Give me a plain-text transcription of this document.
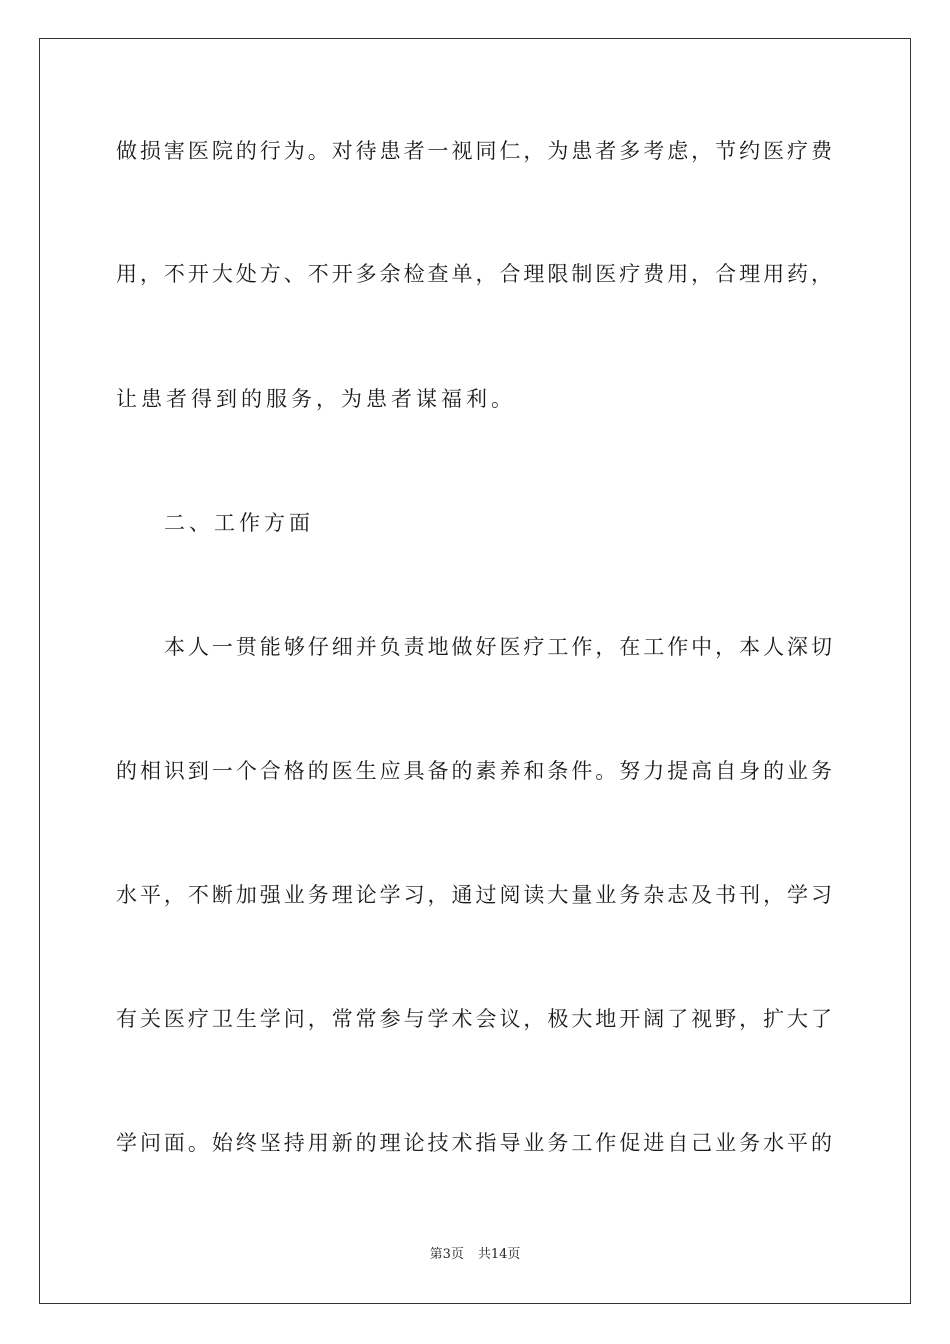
做损害医院的行为。对待患者一视同仁，为患者多考虑，节约医疗费
用，不开大处方、不开多余检查单，合理限制医疗费用，合理用药，
让患者得到的服务，为患者谋福利。
二、工作方面
本人一贯能够仔细并负责地做好医疗工作，在工作中，本人深切
的相识到一个合格的医生应具备的素养和条件。努力提高自身的业务
水平，不断加强业务理论学习，通过阅读大量业务杂志及书刊，学习
有关医疗卫生学问，常常参与学术会议，极大地开阔了视野，扩大了
学问面。始终坚持用新的理论技术指导业务工作促进自己业务水平的
第3页 共14页
